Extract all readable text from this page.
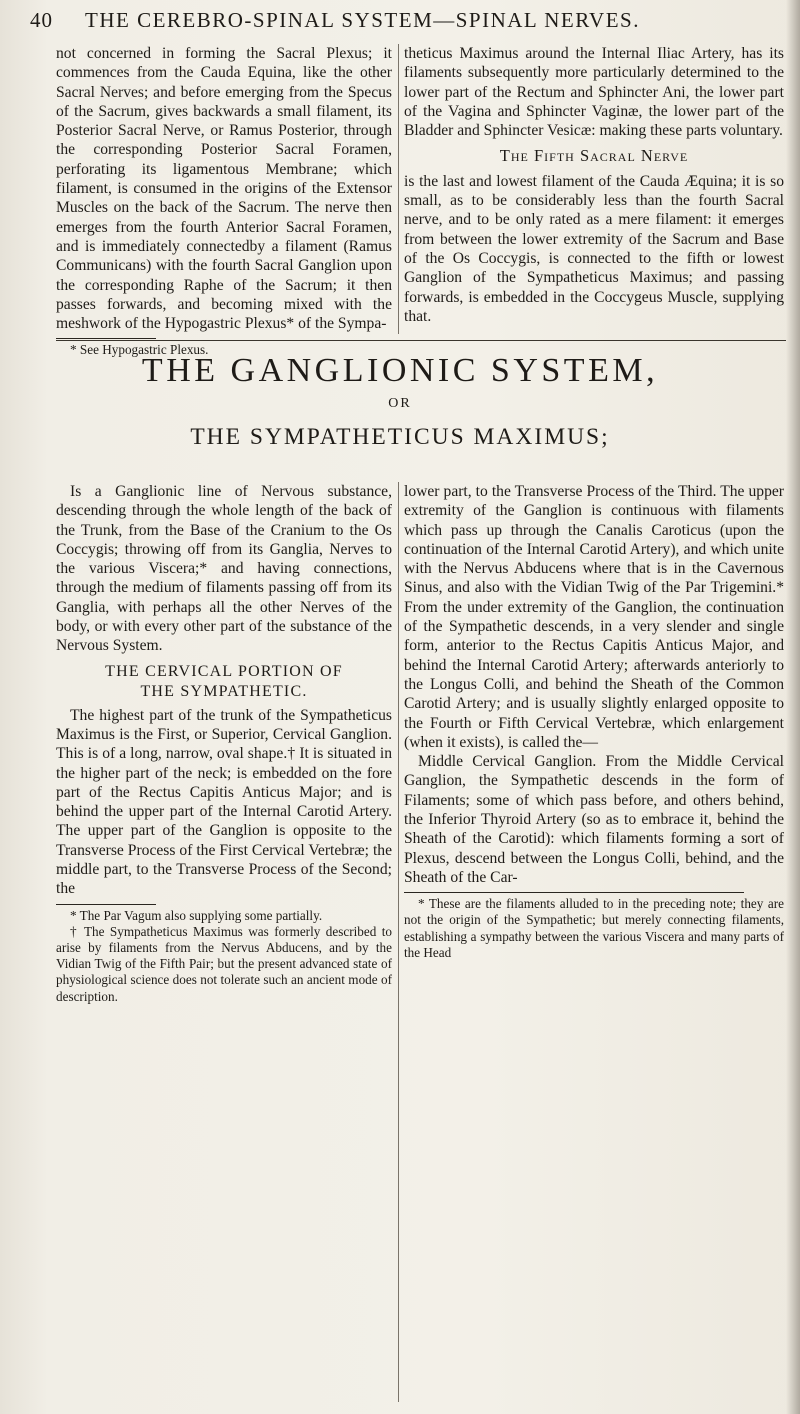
40 THE CEREBRO-SPINAL SYSTEM—SPINAL NERVES.

not concerned in forming the Sacral Plexus; it commences from the Cauda Equina, like the other Sacral Nerves; and before emerging from the Specus of the Sacrum, gives backwards a small filament, its Posterior Sacral Nerve, or Ramus Posterior, through the corresponding Posterior Sacral Foramen, perforating its ligamentous Membrane; which filament, is consumed in the origins of the Extensor Muscles on the back of the Sacrum. The nerve then emerges from the fourth Anterior Sacral Foramen, and is immediately connectedby a filament (Ramus Communicans) with the fourth Sacral Ganglion upon the corresponding Raphe of the Sacrum; it then passes forwards, and becoming mixed with the meshwork of the Hypogastric Plexus* of the Sympa-

* See Hypogastric Plexus.

theticus Maximus around the Internal Iliac Artery, has its filaments subsequently more particularly determined to the lower part of the Rectum and Sphincter Ani, the lower part of the Vagina and Sphincter Vaginæ, the lower part of the Bladder and Sphincter Vesicæ: making these parts voluntary.

The Fifth Sacral Nerve

is the last and lowest filament of the Cauda Æquina; it is so small, as to be considerably less than the fourth Sacral nerve, and to be only rated as a mere filament: it emerges from between the lower extremity of the Sacrum and Base of the Os Coccygis, is connected to the fifth or lowest Ganglion of the Sympatheticus Maximus; and passing forwards, is embedded in the Coccygeus Muscle, supplying that.

THE GANGLIONIC SYSTEM,
OR
THE SYMPATHETICUS MAXIMUS;

Is a Ganglionic line of Nervous substance, descending through the whole length of the back of the Trunk, from the Base of the Cranium to the Os Coccygis; throwing off from its Ganglia, Nerves to the various Viscera;* and having connections, through the medium of filaments passing off from its Ganglia, with perhaps all the other Nerves of the body, or with every other part of the substance of the Nervous System.

THE CERVICAL PORTION OF
THE SYMPATHETIC.

The highest part of the trunk of the Sympatheticus Maximus is the First, or Superior, Cervical Ganglion. This is of a long, narrow, oval shape.† It is situated in the higher part of the neck; is embedded on the fore part of the Rectus Capitis Anticus Major; and is behind the upper part of the Internal Carotid Artery. The upper part of the Ganglion is opposite to the Transverse Process of the First Cervical Vertebræ; the middle part, to the Transverse Process of the Second; the

* The Par Vagum also supplying some partially.

† The Sympatheticus Maximus was formerly described to arise by filaments from the Nervus Abducens, and by the Vidian Twig of the Fifth Pair; but the present advanced state of physiological science does not tolerate such an ancient mode of description.

lower part, to the Transverse Process of the Third. The upper extremity of the Ganglion is continuous with filaments which pass up through the Canalis Caroticus (upon the continuation of the Internal Carotid Artery), and which unite with the Nervus Abducens where that is in the Cavernous Sinus, and also with the Vidian Twig of the Par Trigemini.* From the under extremity of the Ganglion, the continuation of the Sympathetic descends, in a very slender and single form, anterior to the Rectus Capitis Anticus Major, and behind the Internal Carotid Artery; afterwards anteriorly to the Longus Colli, and behind the Sheath of the Common Carotid Artery; and is usually slightly enlarged opposite to the Fourth or Fifth Cervical Vertebræ, which enlargement (when it exists), is called the—

Middle Cervical Ganglion. From the Middle Cervical Ganglion, the Sympathetic descends in the form of Filaments; some of which pass before, and others behind, the Inferior Thyroid Artery (so as to embrace it, behind the Sheath of the Carotid): which filaments forming a sort of Plexus, descend between the Longus Colli, behind, and the Sheath of the Car-

* These are the filaments alluded to in the preceding note; they are not the origin of the Sympathetic; but merely connecting filaments, establishing a sympathy between the various Viscera and many parts of the Head
